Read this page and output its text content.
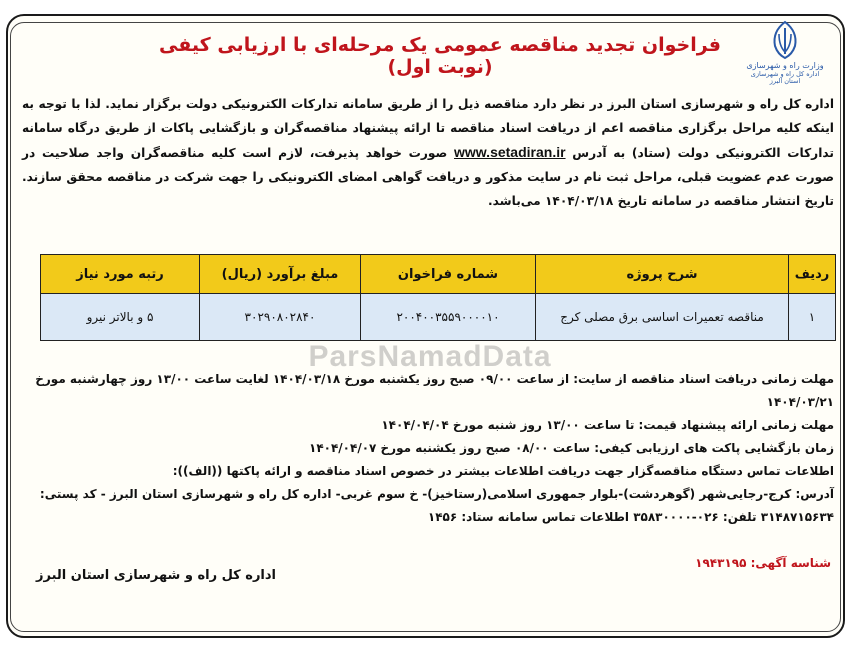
وزارت راه و شهرسازی
اداره کل راه و شهرسازی استان البرز
فراخوان تجدید مناقصه عمومی یک مرحله‌ای با ارزیابی کیفی (نوبت اول)
اداره کل راه و شهرسازی استان البرز در نظر دارد مناقصه ذیل را از طریق سامانه تدارکات الکترونیکی دولت برگزار نماید. لذا با توجه به اینکه کلیه مراحل برگزاری مناقصه اعم از دریافت اسناد مناقصه تا ارائه پیشنهاد مناقصه‌گران و بازگشایی پاکات از طریق درگاه سامانه تدارکات الکترونیکی دولت (ستاد) به آدرس www.setadiran.ir صورت خواهد پذیرفت، لازم است کلیه مناقصه‌گران واجد صلاحیت در صورت عدم عضویت قبلی، مراحل ثبت نام در سایت مذکور و دریافت گواهی امضای الکترونیکی را جهت شرکت در مناقصه محقق سازند. تاریخ انتشار مناقصه در سامانه تاریخ ۱۴۰۴/۰۳/۱۸ می‌باشد.
ردیف	شرح پروژه	شماره فراخوان	مبلغ برآورد (ریال)	رتبه مورد نیاز
۱	مناقصه تعمیرات اساسی برق مصلی کرج	۲۰۰۴۰۰۳۵۵۹۰۰۰۰۱۰	۳۰۲۹۰۸۰۲۸۴۰	۵ و بالاتر نیرو
ParsNamadData

مهلت زمانی دریافت اسناد مناقصه از سایت: از ساعت ۰۹/۰۰ صبح روز یکشنبه مورخ ۱۴۰۴/۰۳/۱۸ لغایت ساعت ۱۳/۰۰ روز چهارشنبه مورخ ۱۴۰۴/۰۳/۲۱

مهلت زمانی ارائه پیشنهاد قیمت: تا ساعت ۱۳/۰۰ روز شنبه مورخ ۱۴۰۴/۰۴/۰۴

زمان بازگشایی پاکت های ارزیابی کیفی: ساعت ۰۸/۰۰ صبح روز یکشنبه مورخ ۱۴۰۴/۰۴/۰۷

اطلاعات تماس دستگاه مناقصه‌گزار جهت دریافت اطلاعات بیشتر در خصوص اسناد مناقصه و ارائه پاکتها ((الف)):

آدرس: کرج-رجایی‌شهر (گوهردشت)-بلوار جمهوری اسلامی(رستاخیز)- خ سوم غربی- اداره کل راه و شهرسازی استان البرز - کد پستی: ۳۱۴۸۷۱۵۶۳۴ تلفن: ۰۲۶-۳۵۸۳۰۰۰۰ اطلاعات تماس سامانه ستاد: ۱۴۵۶

شناسه آگهی: ۱۹۴۳۱۹۵
اداره کل راه و شهرسازی استان البرز
